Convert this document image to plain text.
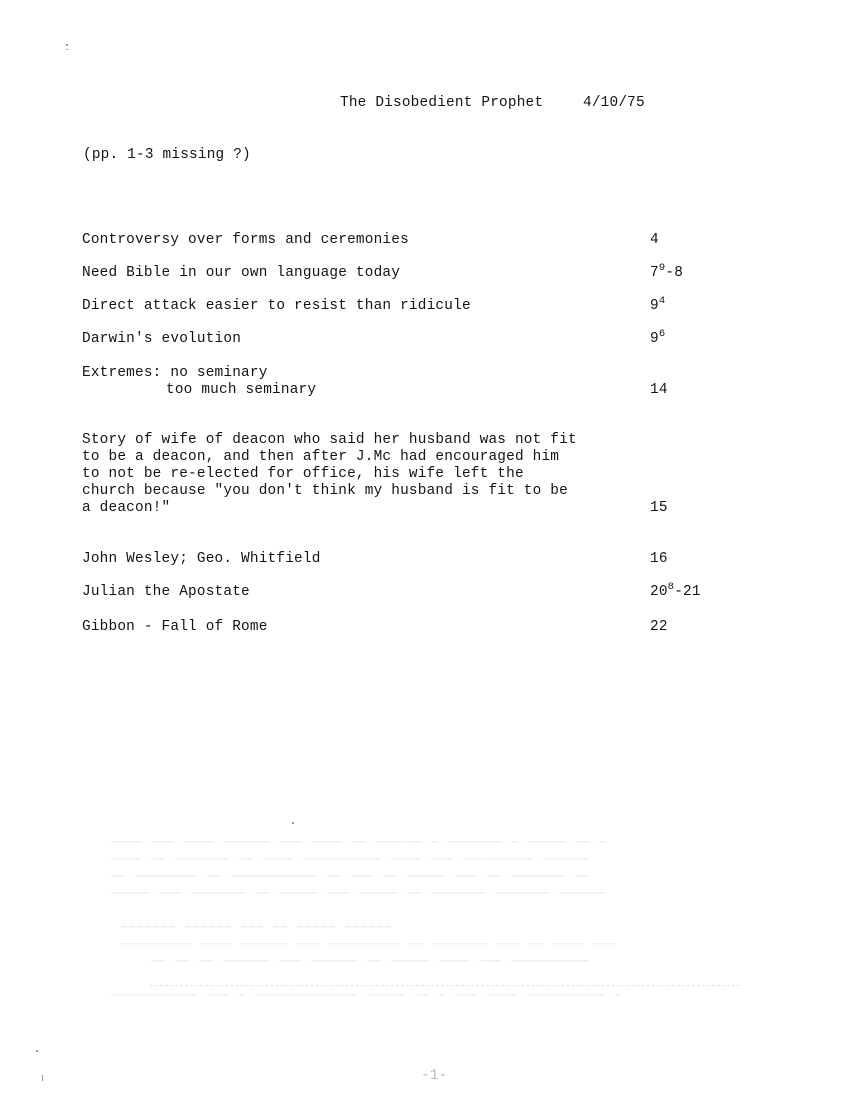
The Disobedient Prophet	4/10/75
(pp. 1-3 missing ?)
Controversy over forms and ceremonies	4
Need Bible in our own language today	$7^9-8$
Direct attack easier to resist than ridicule	$9^4$
Darwin's evolution	$9^6$
Extremes: no seminary
too much seminary	14
Story of wife of deacon who said her husband was not fit
to be a deacon, and then after J.Mc had encouraged him
to not be re-elected for office, his wife left the
church because "you don't think my husband is fit to be
a deacon!"	15
John Wesley; Geo. Whitfield	16
Julian the Apostate	$20^8-21$
Gibbon - Fall of Rome	22
~ ~~ ~~~~~ ~ ~~~~~~~ ~ ~~~~~~ ~~ ~~~~ ~~~ ~~~~~~ ~~~~ ~~~ ~~~~
~~~~~~ ~~~~~~~~~ ~~~ ~~~~ ~~~~~~~~~~ ~~~~ ~~ ~~~~~~~ ~~ ~~~~
~~ ~~~~~~~ ~~ ~~~ ~~~~~ ~~ ~~~ ~~ ~~~~~~~~~~~ ~~ ~~~~~~~~ ~~
~~~~~~ ~~~~~~~ ~~~~~~~ ~~ ~~~~~ ~~~ ~~~~~ ~~ ~~~~~~~ ~~~ ~~~~~
~~~~~~ ~~~~~ ~~ ~~~ ~~~~~~ ~~~~~~~
~~~ ~~~~ ~~ ~~~ ~~~~~~~ ~~ ~~~~~~~~~ ~~~ ~~~~~~ ~~~~ ~~~~~~~~~
~~~~~~~~~~ ~~~ ~~~~ ~~~~~ ~~ ~~~~~~ ~~~ ~~~~~~ ~~ ~~ ~~
~ ~~~~~~~~~~ ~~~~ ~~~ ~ ~~ ~~~~~ ~~~~~~~~~~~~~ ~ ~~~ ~~~~~~~~~~~
-1-
